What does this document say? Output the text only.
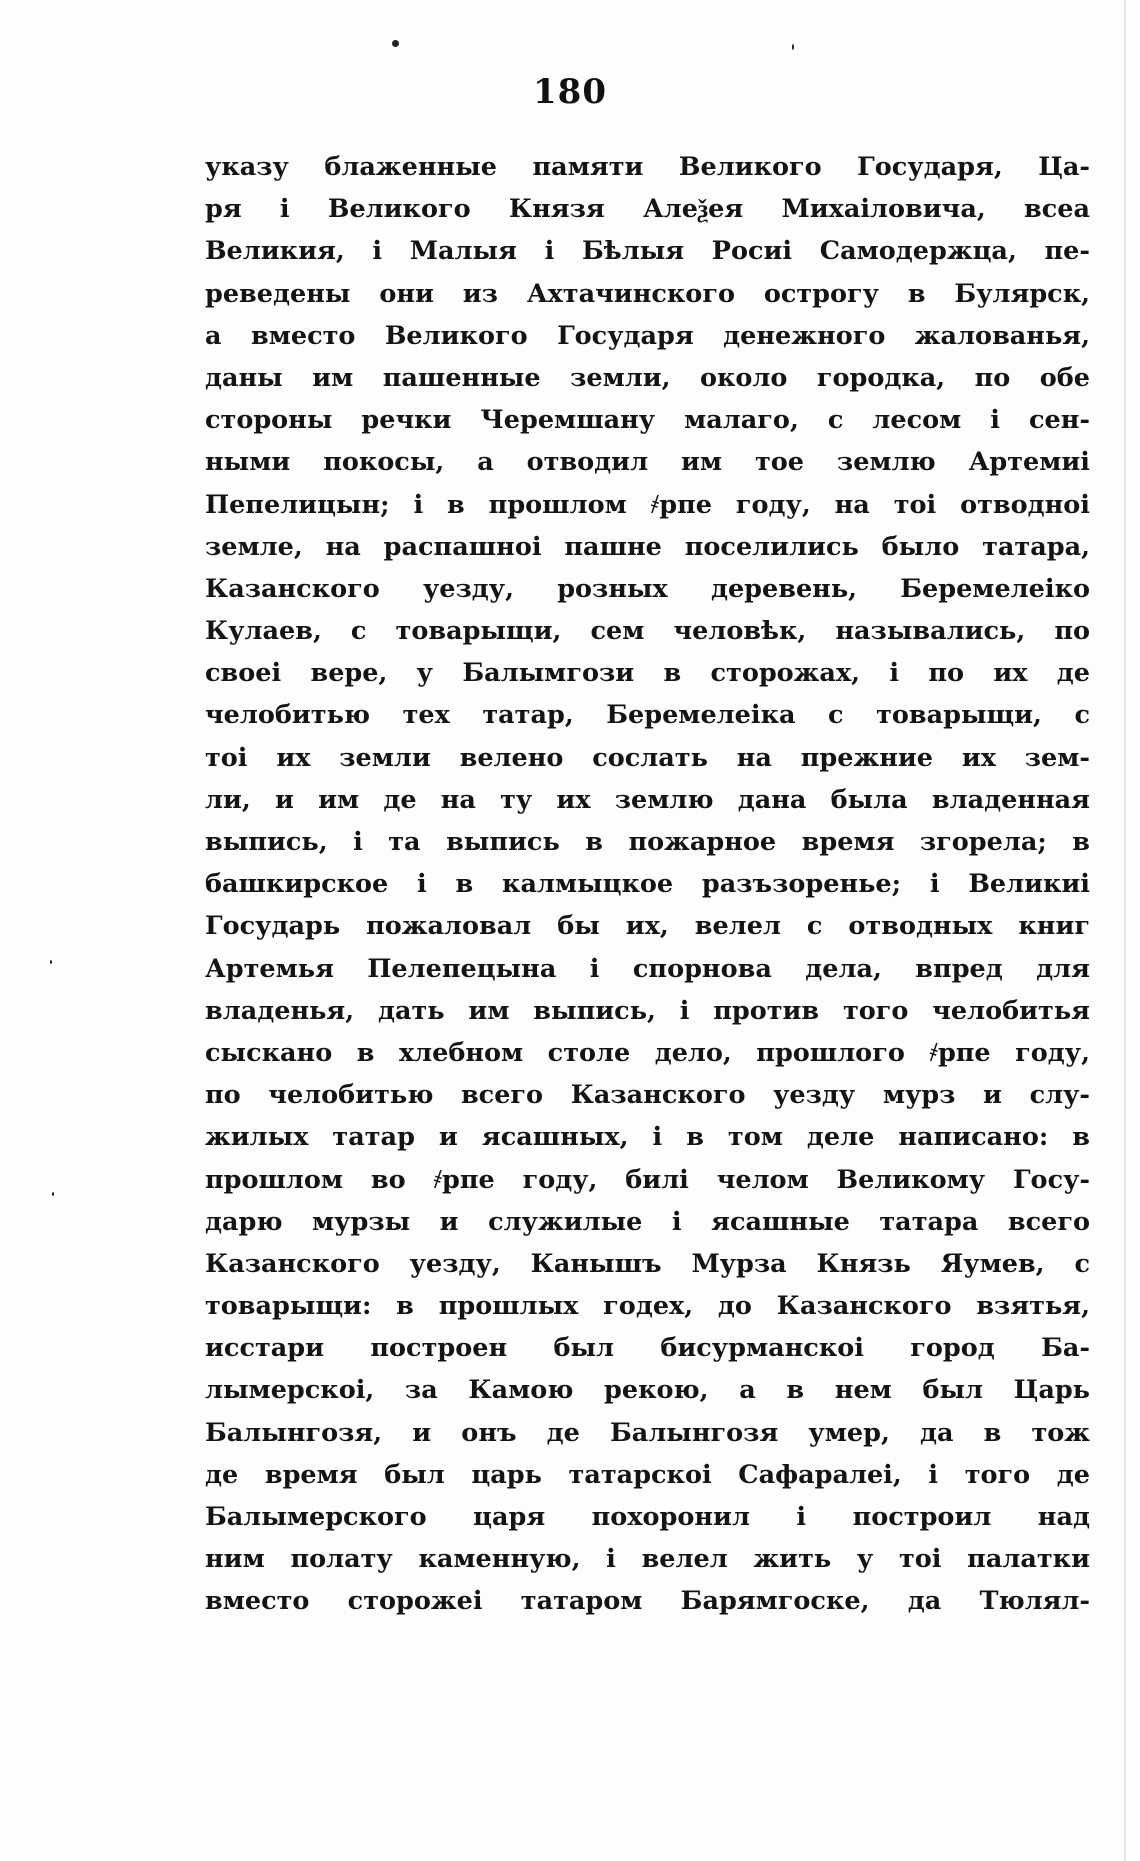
180
указу блаженные памяти Великого Государя, Ца-
ря і Великого Князя Алеѯея Михаіловича, всеа
Великия, і Малыя і Бѣлыя Росиі Самодержца, пе-
реведены они из Ахтачинского острогу в Булярск,
а вместо Великого Государя денежного жалованья,
даны им пашенные земли, около городка, по обе
стороны речки Черемшану малаго, с лесом і сен-
ными покосы, а отводил им тое землю Артемиі
Пепелицын; і в прошлом ҂рпе году, на тоі отводноі
земле, на распашноі пашне поселились было татара,
Казанского уезду, розных деревень, Беремелеіко
Кулаев, с товарыщи, сем человѣк, назывались, по
своеі вере, у Балымгози в сторожах, і по их де
челобитью тех татар, Беремелеіка с товарыщи, с
тоі их земли велено сослать на прежние их зем-
ли, и им де на ту их землю дана была владенная
выпись, і та выпись в пожарное время згорела; в
башкирское і в калмыцкое разъзоренье; і Великиі
Государь пожаловал бы их, велел с отводных книг
Артемья Пелепецына і спорнова дела, впред для
владенья, дать им выпись, і против того челобитья
сыскано в хлебном столе дело, прошлого ҂рпе году,
по челобитью всего Казанского уезду мурз и слу-
жилых татар и ясашных, і в том деле написано: в
прошлом во ҂рпе году, билі челом Великому Госу-
дарю мурзы и служилые і ясашные татара всего
Казанского уезду, Канышъ Мурза Князь Яумев, с
товарыщи: в прошлых годех, до Казанского взятья,
исстари построен был бисурманскоі город Ба-
лымерскоі, за Камою рекою, а в нем был Царь
Балынгозя, и онъ де Балынгозя умер, да в тож
де время был царь татарскоі Сафаралеі, і того де
Балымерского царя похоронил і построил над
ним полату каменную, і велел жить у тоі палатки
вместо сторожеі татаром Барямгоске, да Тюлял-
